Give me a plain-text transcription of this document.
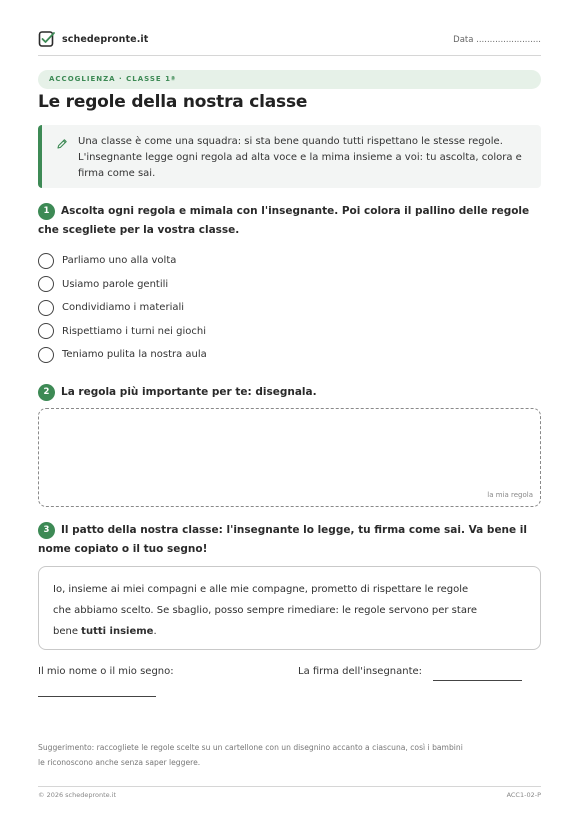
schedepronte.it	Data ........................
ACCOGLIENZA · CLASSE 1ª
Le regole della nostra classe
Una classe è come una squadra: si sta bene quando tutti rispettano le stesse regole.
L'insegnante legge ogni regola ad alta voce e la mima insieme a voi: tu ascolta, colora e
firma come sai.
1 Ascolta ogni regola e mimala con l'insegnante. Poi colora il pallino delle regole
che scegliete per la vostra classe.
Parliamo uno alla volta
Usiamo parole gentili
Condividiamo i materiali
Rispettiamo i turni nei giochi
Teniamo pulita la nostra aula
2 La regola più importante per te: disegnala.
la mia regola
3 Il patto della nostra classe: l'insegnante lo legge, tu firma come sai. Va bene il
nome copiato o il tuo segno!
Io, insieme ai miei compagni e alle mie compagne, prometto di rispettare le regole
che abbiamo scelto. Se sbaglio, posso sempre rimediare: le regole servono per stare
bene tutti insieme.
Il mio nome o il mio segno:	La firma dell'insegnante:
Suggerimento: raccogliete le regole scelte su un cartellone con un disegnino accanto a ciascuna, così i bambini
le riconoscono anche senza saper leggere.
© 2026 schedepronte.it	ACC1-02-P
